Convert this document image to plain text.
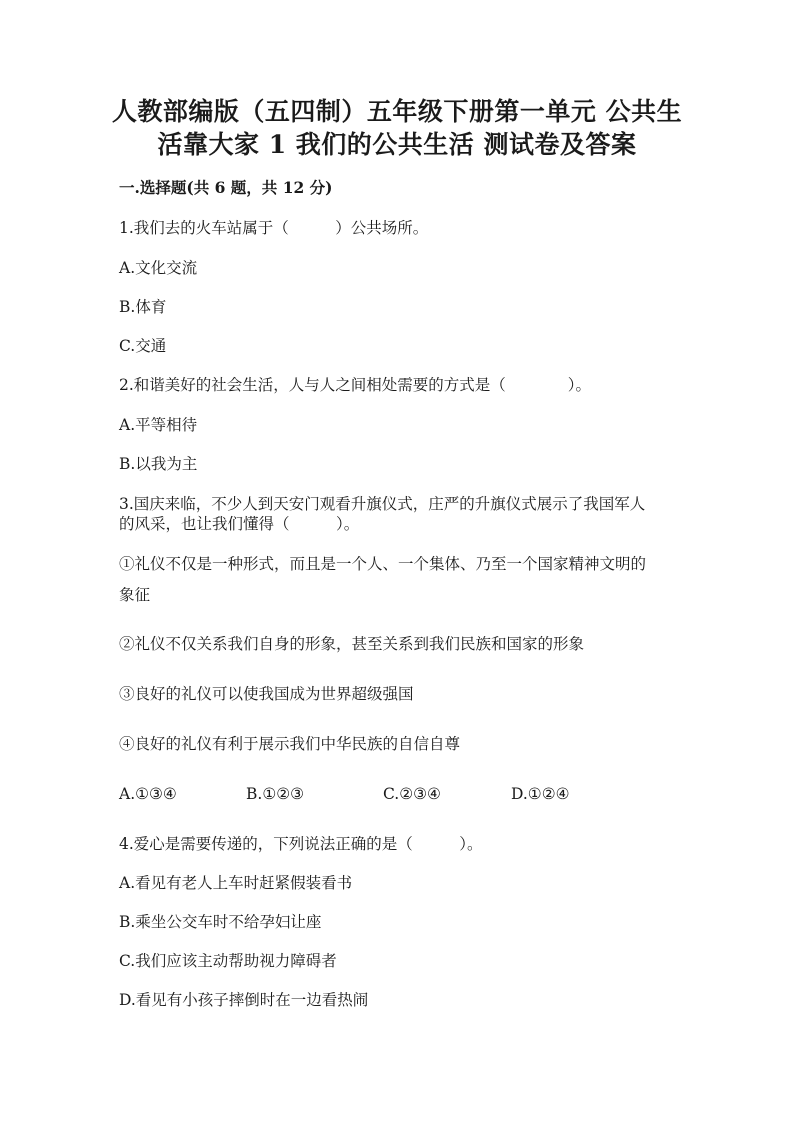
人教部编版（五四制）五年级下册第一单元 公共生
活靠大家 1 我们的公共生活 测试卷及答案
一.选择题(共 6 题，共 12 分)
1.我们去的火车站属于（　　　）公共场所。
A.文化交流
B.体育
C.交通
2.和谐美好的社会生活，人与人之间相处需要的方式是（　　　　）。
A.平等相待
B.以我为主
3.国庆来临，不少人到天安门观看升旗仪式，庄严的升旗仪式展示了我国军人
的风采，也让我们懂得（　　　）。
①礼仪不仅是一种形式，而且是一个人、一个集体、乃至一个国家精神文明的
象征
②礼仪不仅关系我们自身的形象，甚至关系到我们民族和国家的形象
③良好的礼仪可以使我国成为世界超级强国
④良好的礼仪有利于展示我们中华民族的自信自尊
A.①③④	B.①②③	C.②③④	D.①②④
4.爱心是需要传递的，下列说法正确的是（　　　）。
A.看见有老人上车时赶紧假装看书
B.乘坐公交车时不给孕妇让座
C.我们应该主动帮助视力障碍者
D.看见有小孩子摔倒时在一边看热闹
